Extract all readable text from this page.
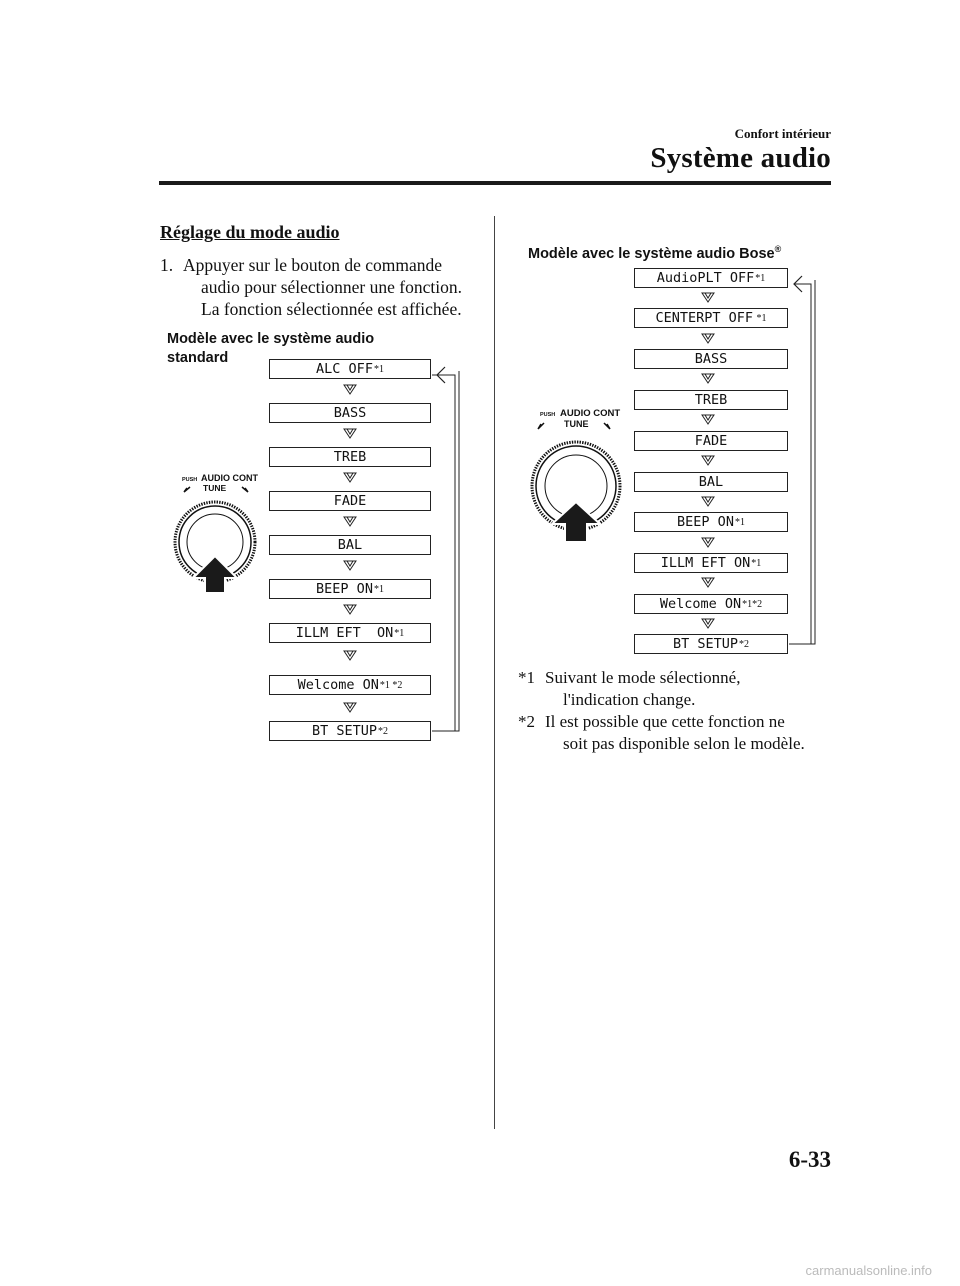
Confort intérieur
Système audio
Réglage du mode audio
1. Appuyer sur le bouton de commande
audio pour sélectionner une fonction.
La fonction sélectionnée est affichée.
Modèle avec le système audio
standard
PUSH AUDIO CONT
TUNE
ALC OFF *1
BASS
TREB
FADE
BAL
BEEP ON *1
ILLM EFT  ON *1
Welcome ON *1 *2
BT SETUP *2
Modèle avec le système audio Bose®
PUSH AUDIO CONT
TUNE
AudioPLT OFF *1
CENTERPT OFF *1
BASS
TREB
FADE
BAL
BEEP ON *1
ILLM EFT ON *1
Welcome ON *1*2
BT SETUP *2
*1 Suivant le mode sélectionné,
l'indication change.
*2 Il est possible que cette fonction ne
soit pas disponible selon le modèle.
6-33
carmanualsonline.info
